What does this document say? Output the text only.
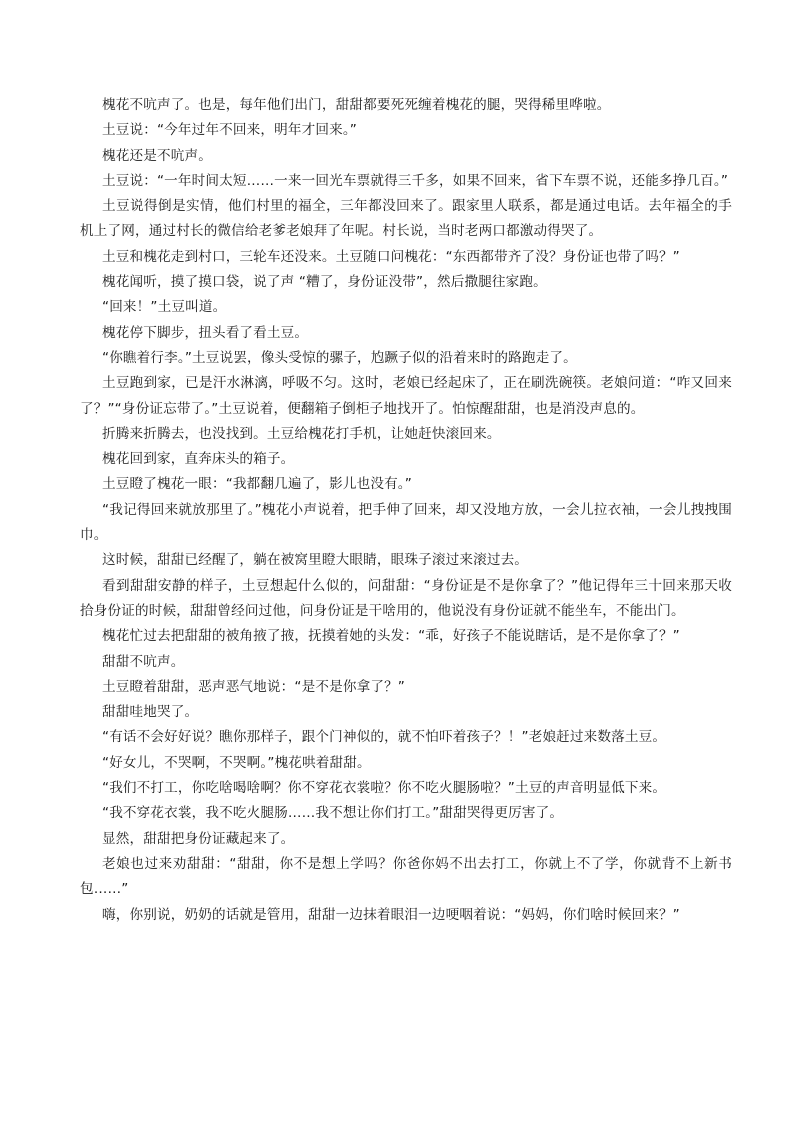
槐花不吭声了。也是，每年他们出门，甜甜都要死死缠着槐花的腿，哭得稀里哗啦。

土豆说：“今年过年不回来，明年才回来。”

槐花还是不吭声。

土豆说：“一年时间太短……一来一回光车票就得三千多，如果不回来，省下车票不说，还能多挣几百。”

土豆说得倒是实情，他们村里的福全，三年都没回来了。跟家里人联系，都是通过电话。去年福全的手机上了网，通过村长的微信给老爹老娘拜了年呢。村长说，当时老两口都激动得哭了。

土豆和槐花走到村口，三轮车还没来。土豆随口问槐花：“东西都带齐了没？身份证也带了吗？”

槐花闻听，摸了摸口袋，说了声 “糟了，身份证没带”，然后撒腿往家跑。

“回来！”土豆叫道。

槐花停下脚步，扭头看了看土豆。

“你瞧着行李。”土豆说罢，像头受惊的骡子，尥蹶子似的沿着来时的路跑走了。

土豆跑到家，已是汗水淋漓，呼吸不匀。这时，老娘已经起床了，正在刷洗碗筷。老娘问道：“咋又回来了？”“身份证忘带了。”土豆说着，便翻箱子倒柜子地找开了。怕惊醒甜甜，也是消没声息的。

折腾来折腾去，也没找到。土豆给槐花打手机，让她赶快滚回来。

槐花回到家，直奔床头的箱子。

土豆瞪了槐花一眼：“我都翻几遍了，影儿也没有。”

“我记得回来就放那里了。”槐花小声说着，把手伸了回来，却又没地方放，一会儿拉衣袖，一会儿拽拽围巾。

这时候，甜甜已经醒了，躺在被窝里瞪大眼睛，眼珠子滚过来滚过去。

看到甜甜安静的样子，土豆想起什么似的，问甜甜：“身份证是不是你拿了？”他记得年三十回来那天收拾身份证的时候，甜甜曾经问过他，问身份证是干啥用的，他说没有身份证就不能坐车，不能出门。

槐花忙过去把甜甜的被角掖了掖，抚摸着她的头发：“乖，好孩子不能说瞎话，是不是你拿了？”

甜甜不吭声。

土豆瞪着甜甜，恶声恶气地说：“是不是你拿了？”

甜甜哇地哭了。

“有话不会好好说？瞧你那样子，跟个门神似的，就不怕吓着孩子？！”老娘赶过来数落土豆。

“好女儿，不哭啊，不哭啊。”槐花哄着甜甜。

“我们不打工，你吃啥喝啥啊？你不穿花衣裳啦？你不吃火腿肠啦？”土豆的声音明显低下来。

“我不穿花衣裳，我不吃火腿肠……我不想让你们打工。”甜甜哭得更厉害了。

显然，甜甜把身份证藏起来了。

老娘也过来劝甜甜：“甜甜，你不是想上学吗？你爸你妈不出去打工，你就上不了学，你就背不上新书包……”

嗨，你别说，奶奶的话就是管用，甜甜一边抹着眼泪一边哽咽着说：“妈妈，你们啥时候回来？”
